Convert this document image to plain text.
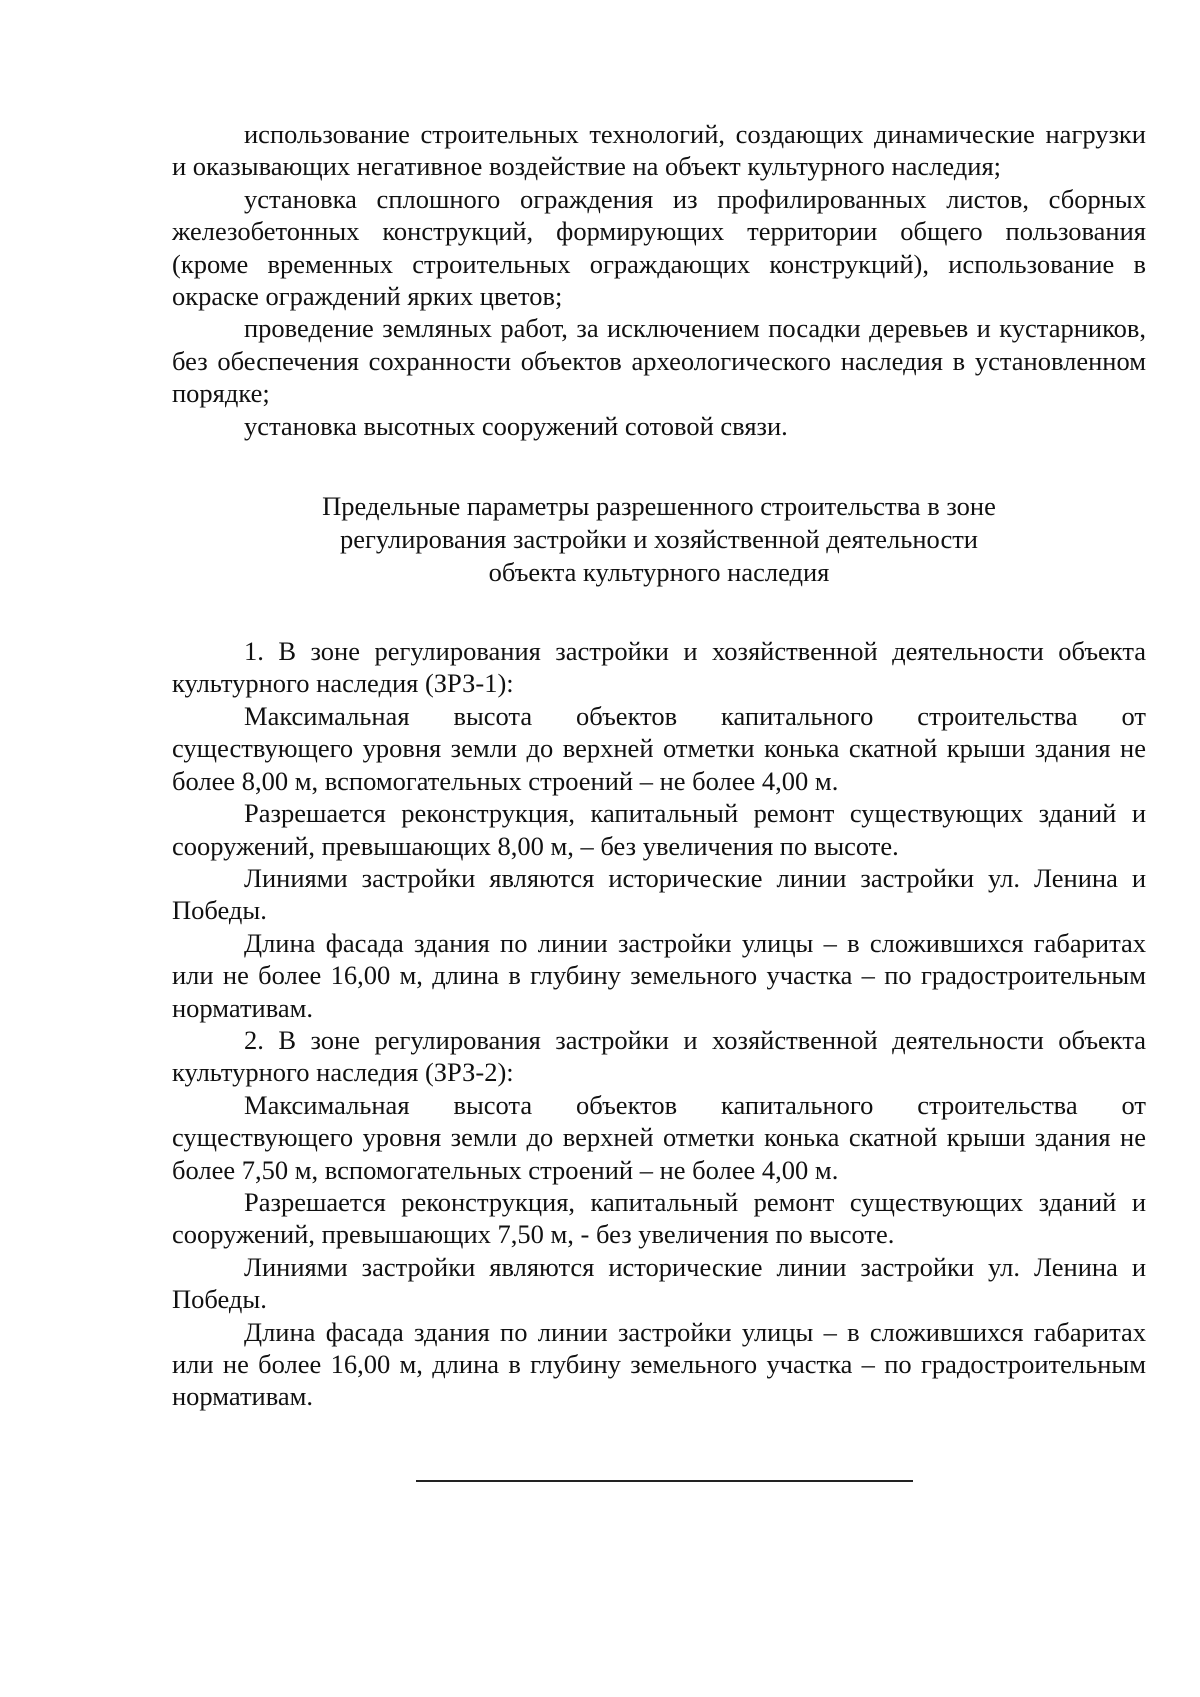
использование строительных технологий, создающих динамические нагрузки и оказывающих негативное воздействие на объект культурного наследия;

установка сплошного ограждения из профилированных листов, сборных железобетонных конструкций, формирующих территории общего пользования (кроме временных строительных ограждающих конструкций), использование в окраске ограждений ярких цветов;

проведение земляных работ, за исключением посадки деревьев и кустарников, без обеспечения сохранности объектов археологического наследия в установленном порядке;

установка высотных сооружений сотовой связи.

Предельные параметры разрешенного строительства в зоне
регулирования застройки и хозяйственной деятельности
объекта культурного наследия

1. В зоне регулирования застройки и хозяйственной деятельности объекта культурного наследия (ЗРЗ-1):

Максимальная высота объектов капитального строительства от существующего уровня земли до верхней отметки конька скатной крыши здания не более 8,00 м, вспомогательных строений – не более 4,00 м.

Разрешается реконструкция, капитальный ремонт существующих зданий и сооружений, превышающих 8,00 м, – без увеличения по высоте.

Линиями застройки являются исторические линии застройки ул. Ленина и Победы.

Длина фасада здания по линии застройки улицы – в сложившихся габаритах или не более 16,00 м, длина в глубину земельного участка – по градостроительным нормативам.

2. В зоне регулирования застройки и хозяйственной деятельности объекта культурного наследия (ЗРЗ-2):

Максимальная высота объектов капитального строительства от существующего уровня земли до верхней отметки конька скатной крыши здания не более 7,50 м, вспомогательных строений – не более 4,00 м.

Разрешается реконструкция, капитальный ремонт существующих зданий и сооружений, превышающих 7,50 м, - без увеличения по высоте.

Линиями застройки являются исторические линии застройки ул. Ленина и Победы.

Длина фасада здания по линии застройки улицы – в сложившихся габаритах или не более 16,00 м, длина в глубину земельного участка – по градостроительным нормативам.
